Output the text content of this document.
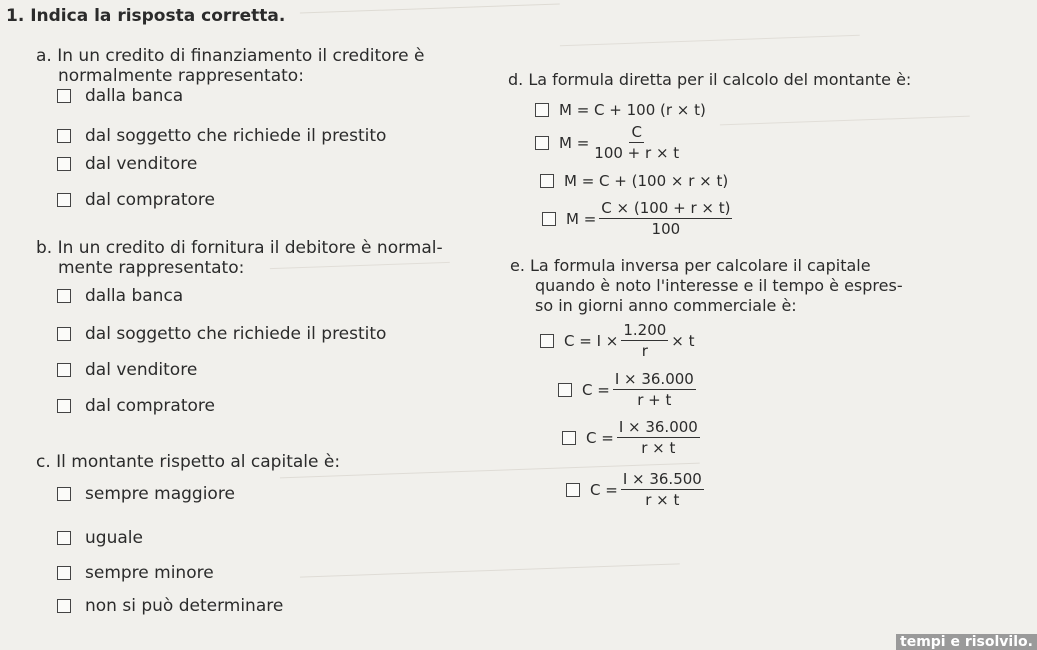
1. Indica la risposta corretta.
a. In un credito di finanziamento il creditore è
normalmente rappresentato:
dalla banca
dal soggetto che richiede il prestito
dal venditore
dal compratore
b. In un credito di fornitura il debitore è normal-
mente rappresentato:
dalla banca
dal soggetto che richiede il prestito
dal venditore
dal compratore
c. Il montante rispetto al capitale è:
sempre maggiore
uguale
sempre minore
non si può determinare
d. La formula diretta per il calcolo del montante è:
M = C + 100 (r × t)
$M = \frac{C}{100 + r \times t}$
M = C + (100 × r × t)
$M = \frac{C \times (100 + r \times t)}{100}$
e. La formula inversa per calcolare il capitale
quando è noto l'interesse e il tempo è espres-
so in giorni anno commerciale è:
$C = I \times \frac{1.200}{r} \times t$
$C = \frac{I \times 36.000}{r + t}$
$C = \frac{I \times 36.000}{r \times t}$
$C = \frac{I \times 36.500}{r \times t}$
tempi e risolvilo.
